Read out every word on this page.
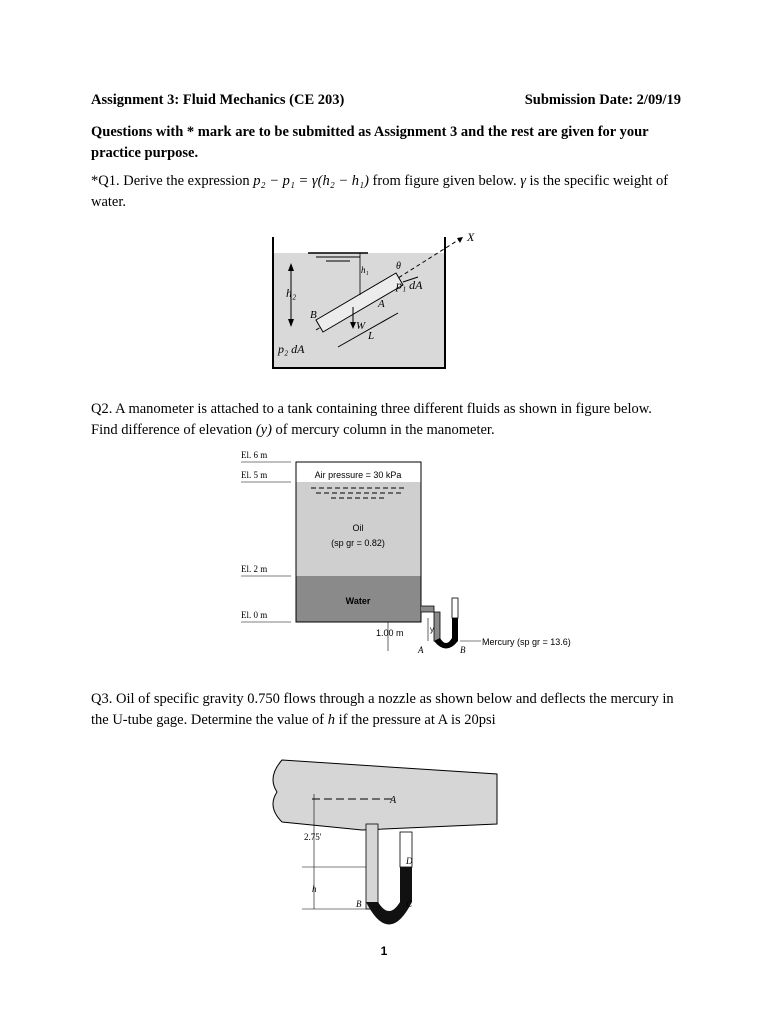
Assignment 3: Fluid Mechanics (CE 203)	Submission Date: 2/09/19
Questions with * mark are to be submitted as Assignment 3 and the rest are given for your practice purpose.
*Q1. Derive the expression p₂ − p₁ = γ(h₂ − h₁) from figure given below. γ is the specific weight of water.
X
θ
h₁
h₂
p₁ dA
p₂ dA
B
A
W
L
Q2. A manometer is attached to a tank containing three different fluids as shown in figure below. Find difference of elevation (y) of mercury column in the manometer.
El. 6 m
El. 5 m
El. 2 m
El. 0 m
Air pressure = 30 kPa
Oil
(sp gr = 0.82)
Water
y
1.00 m
A	B
Mercury (sp gr = 13.6)
Q3. Oil of specific gravity 0.750 flows through a nozzle as shown below and deflects the mercury in the U-tube gage. Determine the value of h if the pressure at A is 20psi
A
2.75'
h
D
B	C
1
